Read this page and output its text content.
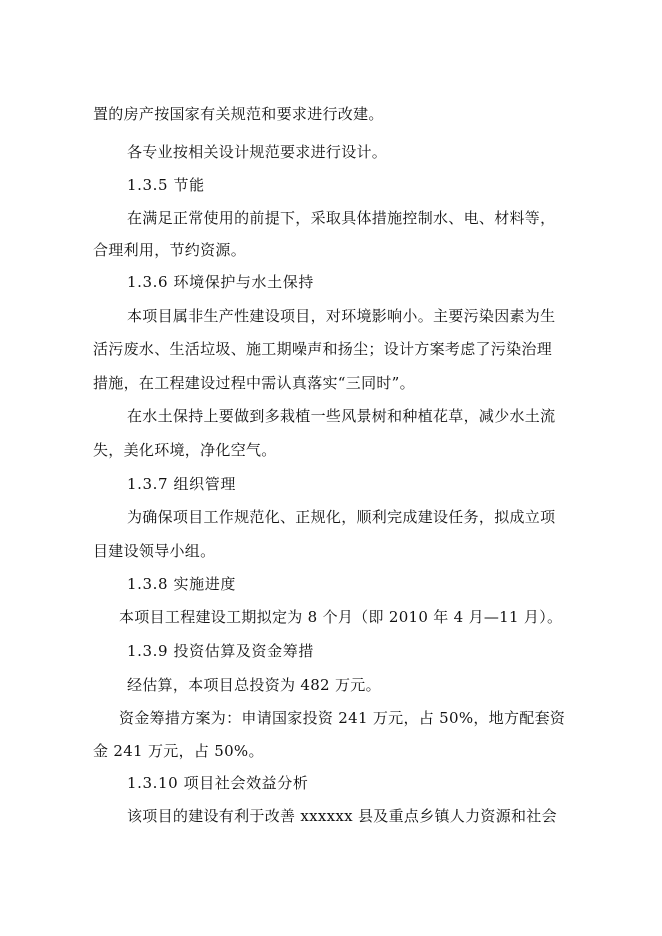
置的房产按国家有关规范和要求进行改建。
各专业按相关设计规范要求进行设计。
1.3.5 节能
在满足正常使用的前提下，采取具体措施控制水、电、材料等，
合理利用，节约资源。
1.3.6 环境保护与水土保持
本项目属非生产性建设项目，对环境影响小。主要污染因素为生
活污废水、生活垃圾、施工期噪声和扬尘；设计方案考虑了污染治理
措施，在工程建设过程中需认真落实“三同时”。
在水土保持上要做到多栽植一些风景树和种植花草，减少水土流
失，美化环境，净化空气。
1.3.7 组织管理
为确保项目工作规范化、正规化，顺利完成建设任务，拟成立项
目建设领导小组。
1.3.8 实施进度
本项目工程建设工期拟定为 8 个月（即 2010 年 4 月—11 月）。
1.3.9 投资估算及资金筹措
经估算，本项目总投资为 482 万元。
资金筹措方案为：申请国家投资 241 万元，占 50%，地方配套资
金 241 万元，占 50%。
1.3.10 项目社会效益分析
该项目的建设有利于改善 xxxxxx 县及重点乡镇人力资源和社会
